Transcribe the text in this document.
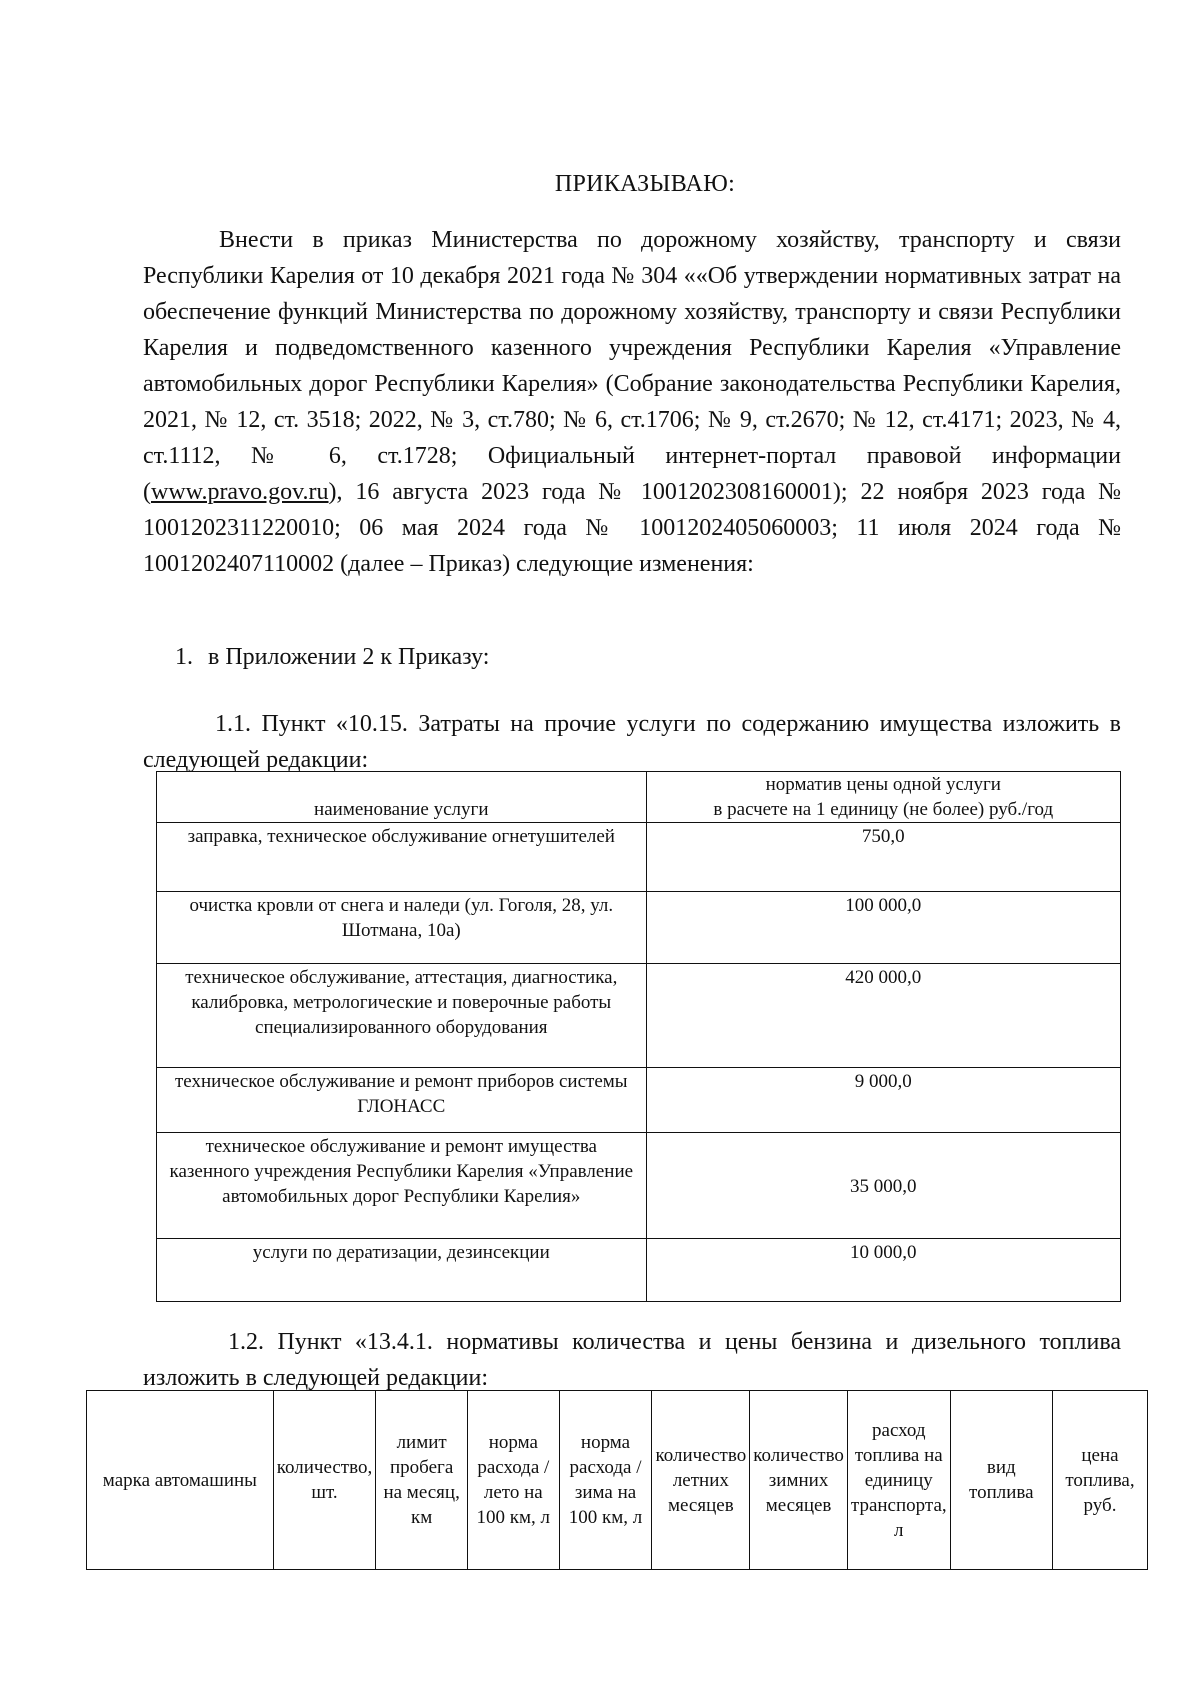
ПРИКАЗЫВАЮ:

Внести в приказ Министерства по дорожному хозяйству, транспорту и связи Республики Карелия от 10 декабря 2021 года № 304 ««Об утверждении нормативных затрат на обеспечение функций Министерства по дорожному хозяйству, транспорту и связи Республики Карелия и подведомственного казенного учреждения Республики Карелия «Управление автомобильных дорог Республики Карелия» (Собрание законодательства Республики Карелия, 2021, № 12, ст. 3518; 2022, № 3, ст.780; № 6, ст.1706; № 9, ст.2670; № 12, ст.4171; 2023, № 4, ст.1112, № 6, ст.1728; Официальный интернет-портал правовой информации (www.pravo.gov.ru), 16 августа 2023 года № 1001202308160001); 22 ноября 2023 года № 1001202311220010; 06 мая 2024 года № 1001202405060003; 11 июля 2024 года № 1001202407110002 (далее – Приказ) следующие изменения:

1. в Приложении 2 к Приказу:

1.1. Пункт «10.15. Затраты на прочие услуги по содержанию имущества изложить в следующей редакции:

наименование услуги	норматив цены одной услуги
в расчете на 1 единицу (не более) руб./год
заправка, техническое обслуживание огнетушителей	750,0
очистка кровли от снега и наледи (ул. Гоголя, 28, ул. Шотмана, 10а)	100 000,0
техническое обслуживание, аттестация, диагностика, калибровка, метрологические и поверочные работы специализированного оборудования	420 000,0
техническое обслуживание и ремонт приборов системы ГЛОНАСС	9 000,0
техническое обслуживание и ремонт имущества казенного учреждения Республики Карелия «Управление автомобильных дорог Республики Карелия»	35 000,0
услуги по дератизации, дезинсекции	10 000,0

1.2. Пункт «13.4.1. нормативы количества и цены бензина и дизельного топлива изложить в следующей редакции:

марка автомашины	количество, шт.	лимит пробега на месяц, км	норма расхода / лето на 100 км, л	норма расхода / зима на 100 км, л	количество летних месяцев	количество зимних месяцев	расход топлива на единицу транспорта, л	вид топлива	цена топлива, руб.
